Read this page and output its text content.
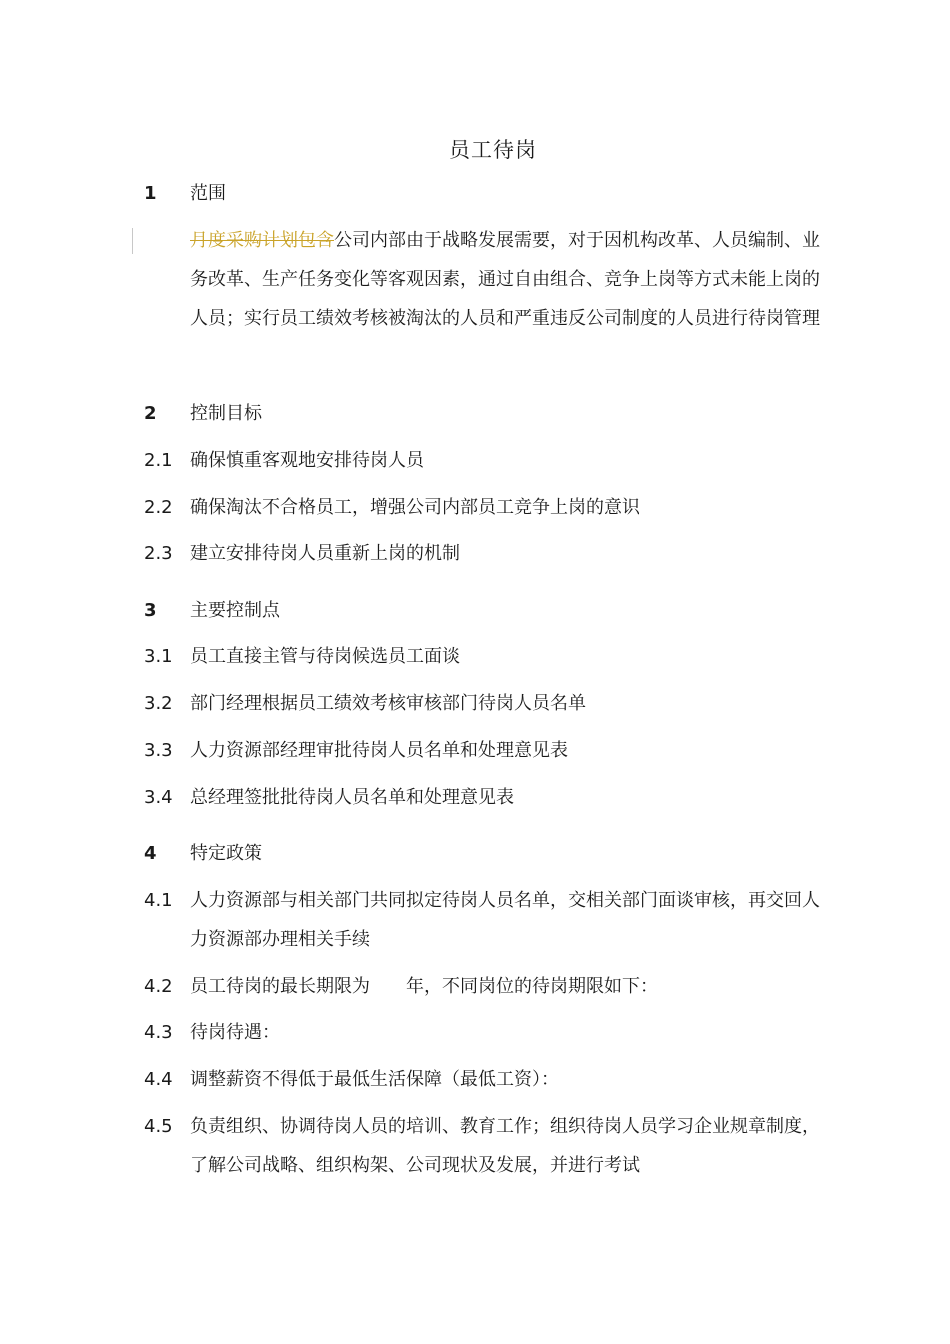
员工待岗
1	范围
月度采购计划包含公司内部由于战略发展需要，对于因机构改革、人员编制、业务改革、生产任务变化等客观因素，通过自由组合、竞争上岗等方式未能上岗的人员；实行员工绩效考核被淘汰的人员和严重违反公司制度的人员进行待岗管理
2	控制目标
2.1 确保慎重客观地安排待岗人员
2.2 确保淘汰不合格员工，增强公司内部员工竞争上岗的意识
2.3 建立安排待岗人员重新上岗的机制
3	主要控制点
3.1 员工直接主管与待岗候选员工面谈
3.2 部门经理根据员工绩效考核审核部门待岗人员名单
3.3 人力资源部经理审批待岗人员名单和处理意见表
3.4 总经理签批批待岗人员名单和处理意见表
4	特定政策
4.1 人力资源部与相关部门共同拟定待岗人员名单，交相关部门面谈审核，再交回人力资源部办理相关手续
4.2 员工待岗的最长期限为 年，不同岗位的待岗期限如下：
4.3 待岗待遇：
4.4 调整薪资不得低于最低生活保障（最低工资）：
4.5 负责组织、协调待岗人员的培训、教育工作；组织待岗人员学习企业规章制度，了解公司战略、组织构架、公司现状及发展，并进行考试
